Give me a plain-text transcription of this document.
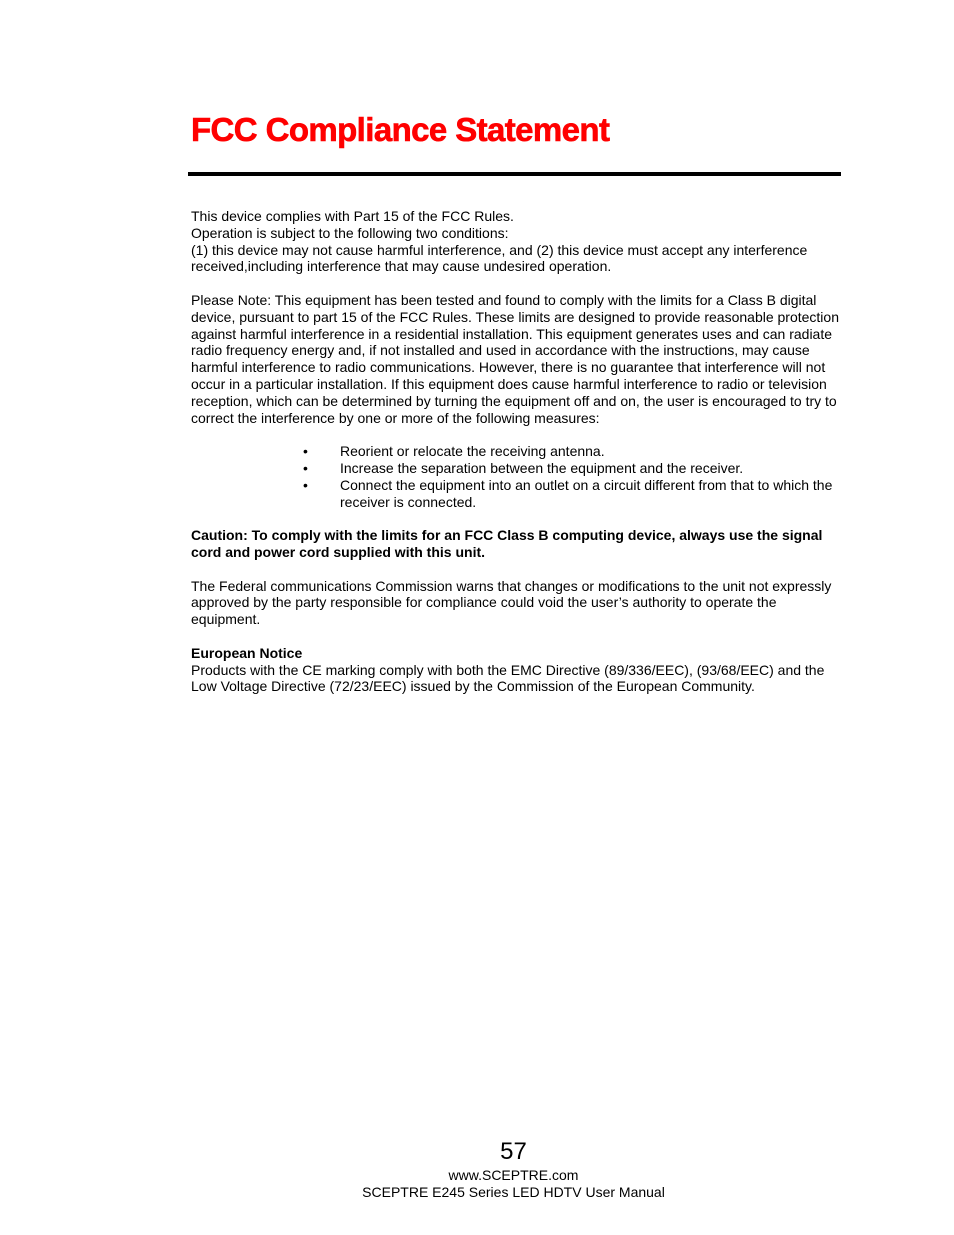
FCC Compliance Statement

This device complies with Part 15 of the FCC Rules.

Operation is subject to the following two conditions:

(1) this device may not cause harmful interference, and (2) this device must accept any interference received,including interference that may cause undesired operation.

Please Note: This equipment has been tested and found to comply with the limits for a Class B digital device, pursuant to part 15 of the FCC Rules. These limits are designed to provide reasonable protection against harmful interference in a residential installation. This equipment generates uses and can radiate radio frequency energy and, if not installed and used in accordance with the instructions, may cause harmful interference to radio communications. However, there is no guarantee that interference will not occur in a particular installation. If this equipment does cause harmful interference to radio or television reception, which can be determined by turning the equipment off and on, the user is encouraged to try to correct the interference by one or more of the following measures:

• Reorient or relocate the receiving antenna.
• Increase the separation between the equipment and the receiver.
• Connect the equipment into an outlet on a circuit different from that to which the receiver is connected.

Caution: To comply with the limits for an FCC Class B computing device, always use the signal cord and power cord supplied with this unit.

The Federal communications Commission warns that changes or modifications to the unit not expressly approved by the party responsible for compliance could void the user’s authority to operate the equipment.

European Notice

Products with the CE marking comply with both the EMC Directive (89/336/EEC), (93/68/EEC) and the Low Voltage Directive (72/23/EEC) issued by the Commission of the European Community.

57
www.SCEPTRE.com
SCEPTRE E245 Series LED HDTV User Manual
